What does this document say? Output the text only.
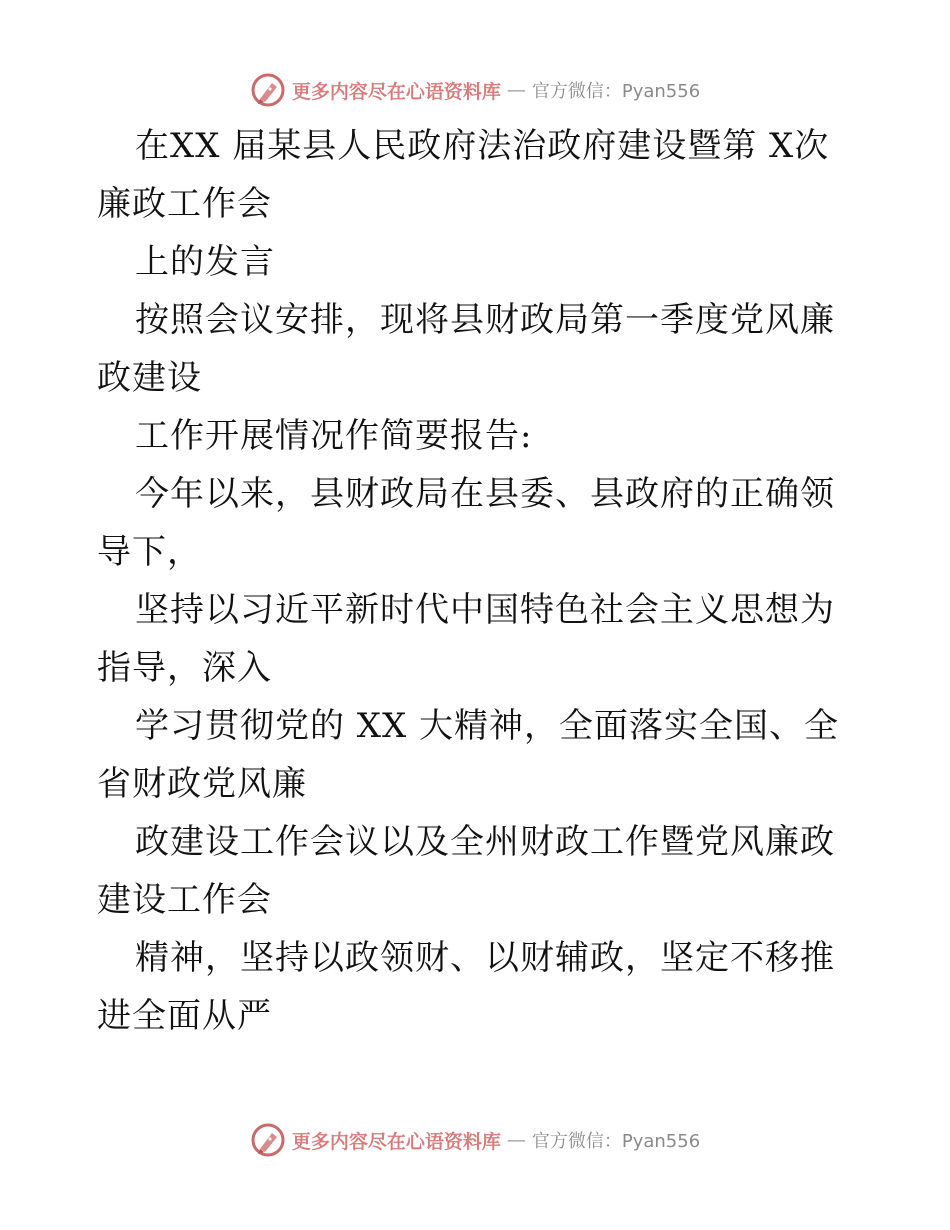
更多内容尽在心语资料库 — 官方微信：Pyan556

在XX 届某县人民政府法治政府建设暨第 X次廉政工作会

上的发言

按照会议安排，现将县财政局第一季度党风廉政建设

工作开展情况作简要报告:

今年以来，县财政局在县委、县政府的正确领导下，

坚持以习近平新时代中国特色社会主义思想为指导，深入

学习贯彻党的 XX 大精神，全面落实全国、全省财政党风廉

政建设工作会议以及全州财政工作暨党风廉政建设工作会

精神，坚持以政领财、以财辅政，坚定不移推进全面从严

更多内容尽在心语资料库 — 官方微信：Pyan556
